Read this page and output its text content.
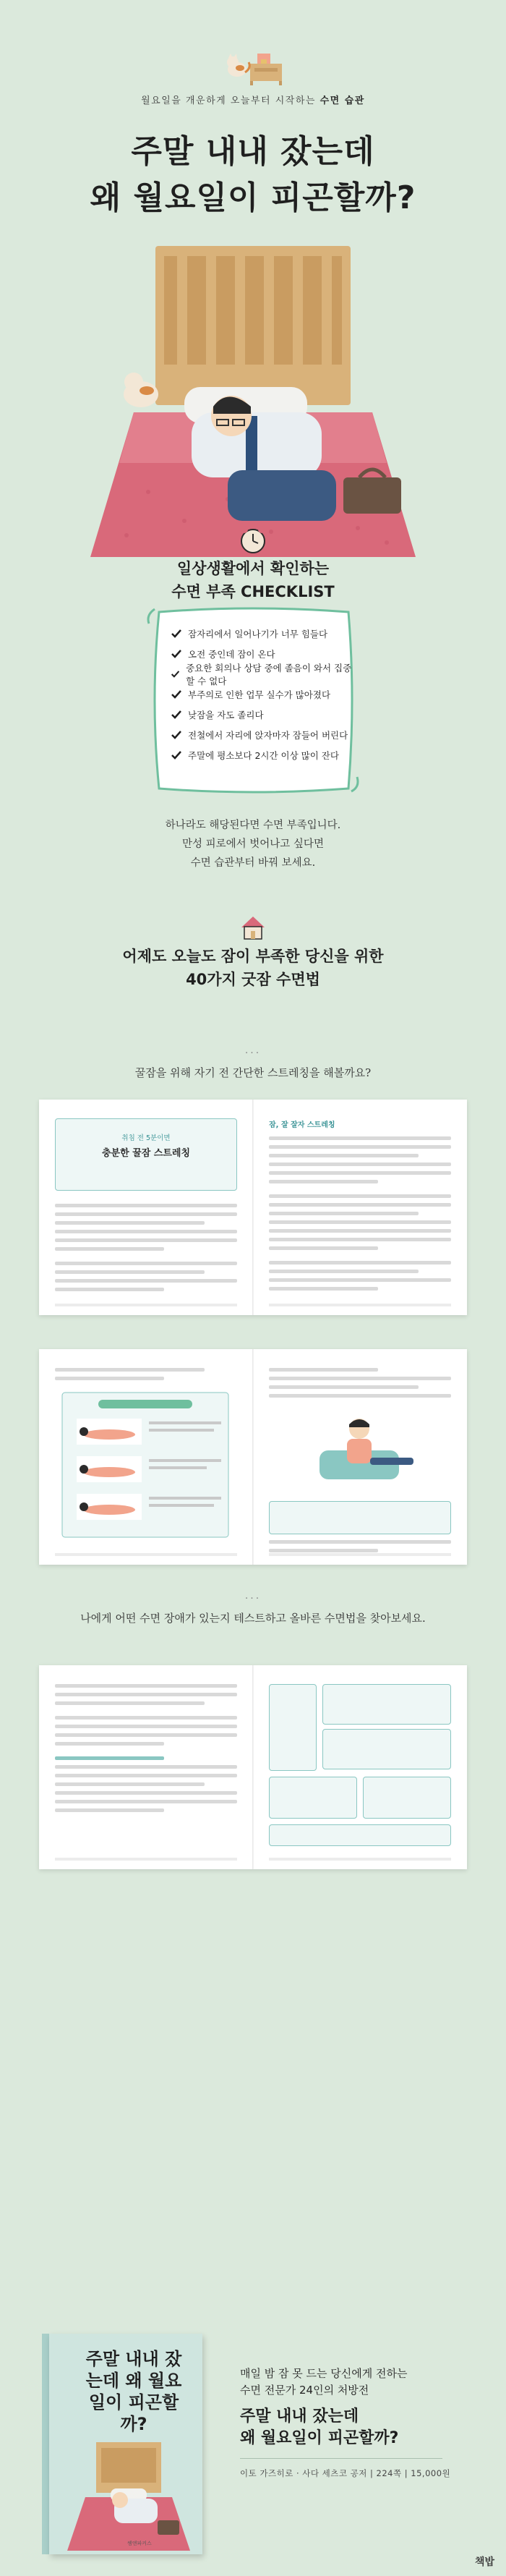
월요일을 개운하게 오늘부터 시작하는 수면 습관

주말 내내 잤는데
왜 월요일이 피곤할까?
일상생활에서 확인하는
수면 부족 CHECKLIST
잠자리에서 일어나기가 너무 힘들다
오전 중인데 잠이 온다
중요한 회의나 상담 중에 졸음이 와서 집중할 수 없다
부주의로 인한 업무 실수가 많아졌다
낮잠을 자도 졸리다
전철에서 자리에 앉자마자 잠들어 버린다
주말에 평소보다 2시간 이상 많이 잔다

하나라도 해당된다면 수면 부족입니다.
만성 피로에서 벗어나고 싶다면
수면 습관부터 바꿔 보세요.

어제도 오늘도 잠이 부족한 당신을 위한
40가지 굿잠 수면법
···

꿀잠을 위해 자기 전 간단한 스트레칭을 해볼까요?

취침 전 5분이면
충분한 꿀잠 스트레칭
잠, 잘 잘자 스트레칭
···

나에게 어떤 수면 장애가 있는지 테스트하고 올바른 수면법을 찾아보세요.

주말 내내 잤는데 왜 월요일이 피곤할까?
쌤앤파커스

매일 밤 잠 못 드는 당신에게 전하는
수면 전문가 24인의 처방전

주말 내내 잤는데
왜 월요일이 피곤할까?

이토 가즈히로 · 사다 세츠코 공저 | 224쪽 | 15,000원

책밥
